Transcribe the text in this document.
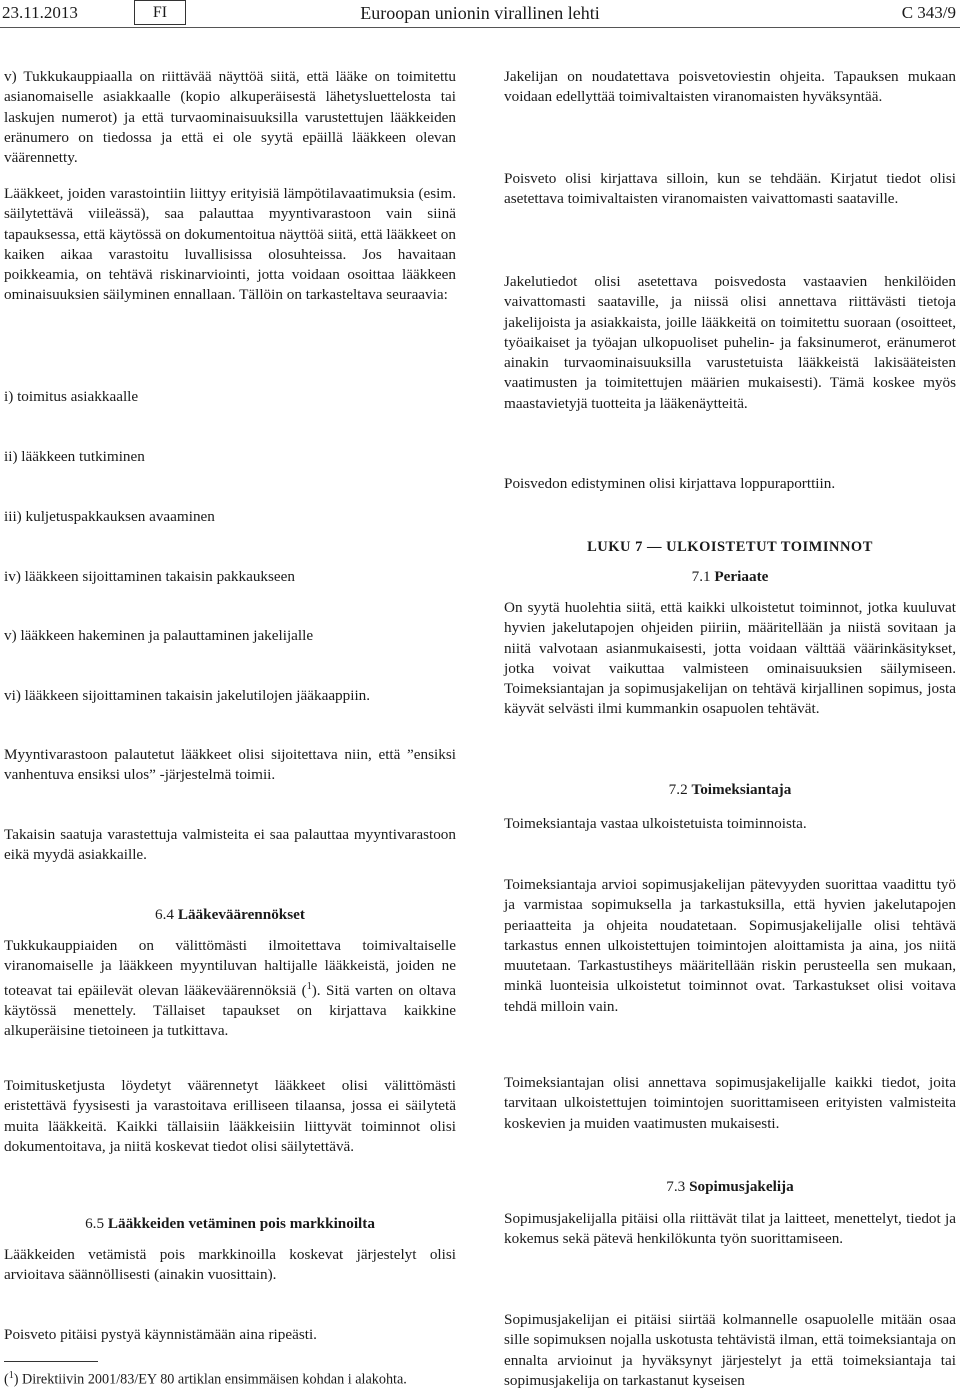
23.11.2013	FI	Euroopan unionin virallinen lehti	C 343/9

v) Tukkukauppiaalla on riittävää näyttöä siitä, että lääke on toimitettu asianomaiselle asiakkaalle (kopio alkuperäisestä lähetysluettelosta tai laskujen numerot) ja että turvaominaisuuksilla varustettujen lääkkeiden eränumero on tiedossa ja että ei ole syytä epäillä lääkkeen olevan väärennetty.

Lääkkeet, joiden varastointiin liittyy erityisiä lämpötilavaatimuksia (esim. säilytettävä viileässä), saa palauttaa myyntivarastoon vain siinä tapauksessa, että käytössä on dokumentoitua näyttöä siitä, että lääkkeet on kaiken aikaa varastoitu luvallisissa olosuhteissa. Jos havaitaan poikkeamia, on tehtävä riskinarviointi, jotta voidaan osoittaa lääkkeen ominaisuuksien säilyminen ennallaan. Tällöin on tarkasteltava seuraavia:

i) toimitus asiakkaalle

ii) lääkkeen tutkiminen

iii) kuljetuspakkauksen avaaminen

iv) lääkkeen sijoittaminen takaisin pakkaukseen

v) lääkkeen hakeminen ja palauttaminen jakelijalle

vi) lääkkeen sijoittaminen takaisin jakelutilojen jääkaappiin.

Myyntivarastoon palautetut lääkkeet olisi sijoitettava niin, että ”ensiksi vanhentuva ensiksi ulos” -järjestelmä toimii.

Takaisin saatuja varastettuja valmisteita ei saa palauttaa myyntivarastoon eikä myydä asiakkaille.

6.4 Lääkeväärennökset

Tukkukauppiaiden on välittömästi ilmoitettava toimivaltaiselle viranomaiselle ja lääkkeen myyntiluvan haltijalle lääkkeistä, joiden ne toteavat tai epäilevät olevan lääkeväärennöksiä ($^1$). Sitä varten on oltava käytössä menettely. Tällaiset tapaukset on kirjattava kaikkine alkuperäisine tietoineen ja tutkittava.

Toimitusketjusta löydetyt väärennetyt lääkkeet olisi välittömästi eristettävä fyysisesti ja varastoitava erilliseen tilaansa, jossa ei säilytetä muita lääkkeitä. Kaikki tällaisiin lääkkeisiin liittyvät toiminnot olisi dokumentoitava, ja niitä koskevat tiedot olisi säilytettävä.

6.5 Lääkkeiden vetäminen pois markkinoilta

Lääkkeiden vetämistä pois markkinoilla koskevat järjestelyt olisi arvioitava säännöllisesti (ainakin vuosittain).

Poisveto pitäisi pystyä käynnistämään aina ripeästi.

Jakelijan on noudatettava poisvetoviestin ohjeita. Tapauksen mukaan voidaan edellyttää toimivaltaisten viranomaisten hyväksyntää.

Poisveto olisi kirjattava silloin, kun se tehdään. Kirjatut tiedot olisi asetettava toimivaltaisten viranomaisten vaivattomasti saataville.

Jakelutiedot olisi asetettava poisvedosta vastaavien henkilöiden vaivattomasti saataville, ja niissä olisi annettava riittävästi tietoja jakelijoista ja asiakkaista, joille lääkkeitä on toimitettu suoraan (osoitteet, työaikaiset ja työajan ulkopuoliset puhelin- ja faksinumerot, eränumerot ainakin turvaominaisuuksilla varustetuista lääkkeistä lakisääteisten vaatimusten ja toimitettujen määrien mukaisesti). Tämä koskee myös maastavietyjä tuotteita ja lääkenäytteitä.

Poisvedon edistyminen olisi kirjattava loppuraporttiin.

LUKU 7 — ULKOISTETUT TOIMINNOT

7.1 Periaate

On syytä huolehtia siitä, että kaikki ulkoistetut toiminnot, jotka kuuluvat hyvien jakelutapojen ohjeiden piiriin, määritellään ja niistä sovitaan ja niitä valvotaan asianmukaisesti, jotta voidaan välttää väärinkäsitykset, jotka voivat vaikuttaa valmisteen ominaisuuksien säilymiseen. Toimeksiantajan ja sopimusjakelijan on tehtävä kirjallinen sopimus, josta käyvät selvästi ilmi kummankin osapuolen tehtävät.

7.2 Toimeksiantaja

Toimeksiantaja vastaa ulkoistetuista toiminnoista.

Toimeksiantaja arvioi sopimusjakelijan pätevyyden suorittaa vaadittu työ ja varmistaa sopimuksella ja tarkastuksilla, että hyvien jakelutapojen periaatteita ja ohjeita noudatetaan. Sopimusjakelijalle olisi tehtävä tarkastus ennen ulkoistettujen toimintojen aloittamista ja aina, jos niitä muutetaan. Tarkastustiheys määritellään riskin perusteella sen mukaan, minkä luonteisia ulkoistetut toiminnot ovat. Tarkastukset olisi voitava tehdä milloin vain.

Toimeksiantajan olisi annettava sopimusjakelijalle kaikki tiedot, joita tarvitaan ulkoistettujen toimintojen suorittamiseen erityisten valmisteita koskevien ja muiden vaatimusten mukaisesti.

7.3 Sopimusjakelija

Sopimusjakelijalla pitäisi olla riittävät tilat ja laitteet, menettelyt, tiedot ja kokemus sekä pätevä henkilökunta työn suorittamiseen.

Sopimusjakelijan ei pitäisi siirtää kolmannelle osapuolelle mitään osaa sille sopimuksen nojalla uskotusta tehtävistä ilman, että toimeksiantaja on ennalta arvioinut ja hyväksynyt järjestelyt ja että toimeksiantaja tai sopimusjakelija on tarkastanut kyseisen

($^1$) Direktiivin 2001/83/EY 80 artiklan ensimmäisen kohdan i alakohta.
